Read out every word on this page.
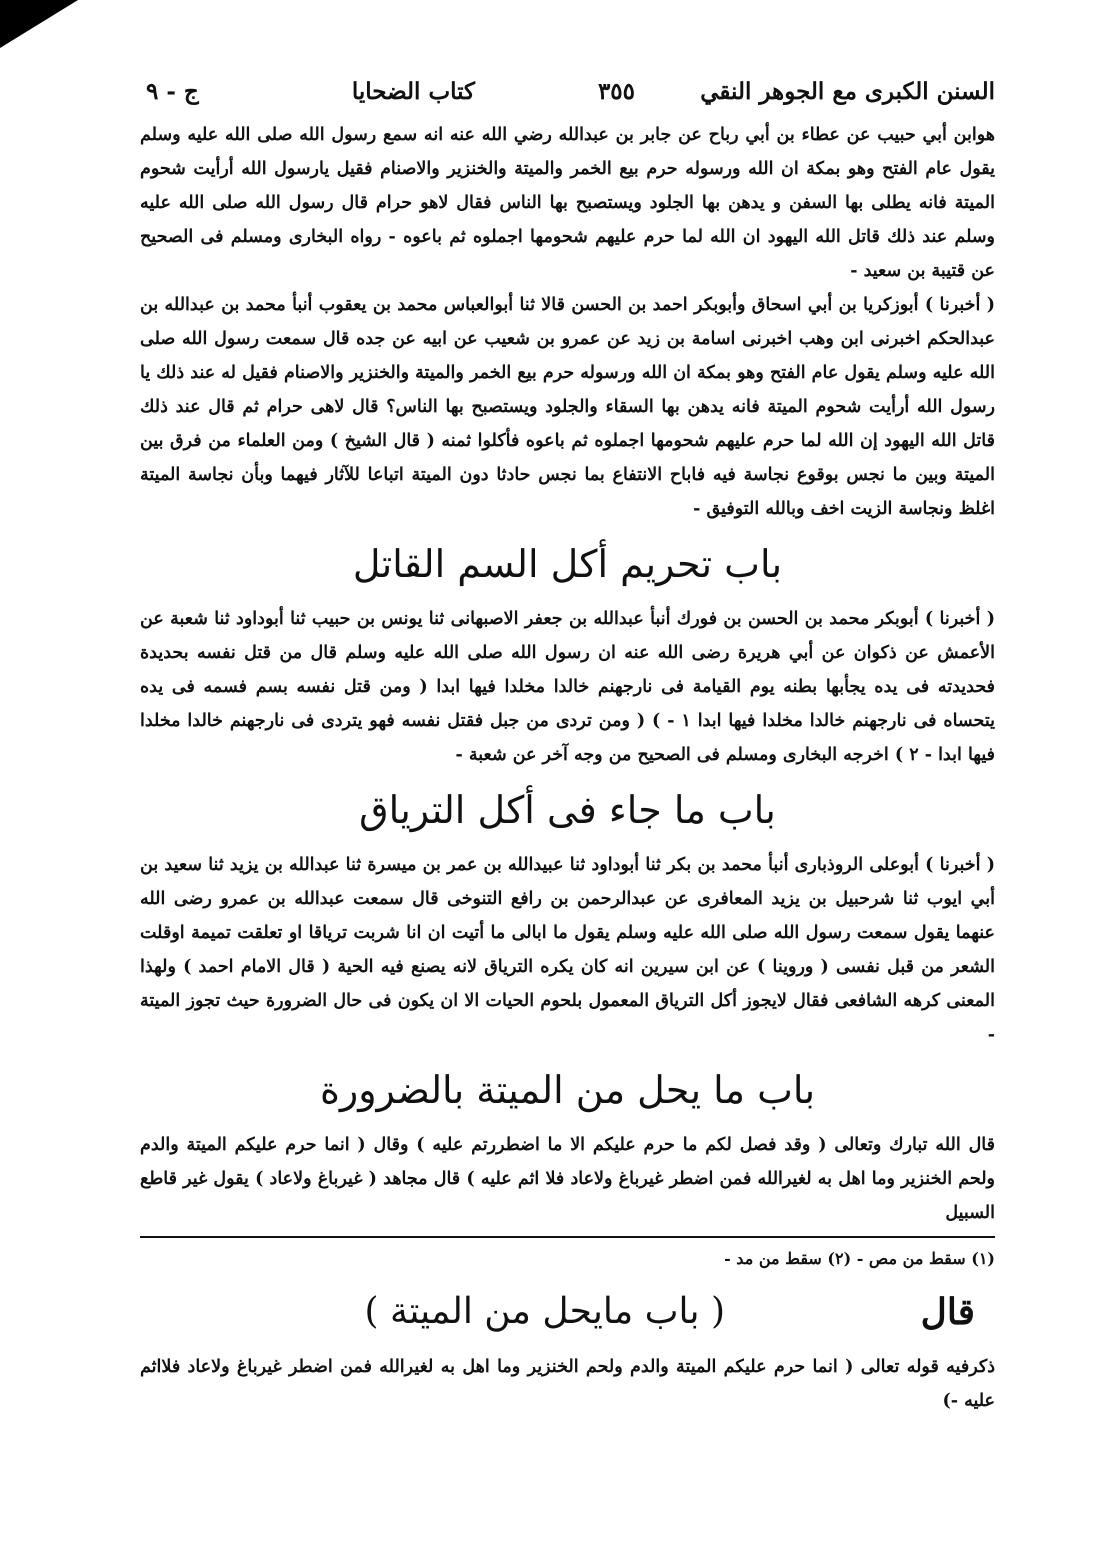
السنن الكبرى مع الجوهر النقي
٣٥٥
كتاب الضحايا
ج - ٩

هوابن أبي حبيب عن عطاء بن أبي رباح عن جابر بن عبدالله رضي الله عنه انه سمع رسول الله صلى الله عليه وسلم يقول عام الفتح وهو بمكة ان الله ورسوله حرم بيع الخمر والميتة والخنزير والاصنام فقيل يارسول الله أرأيت شحوم الميتة فانه يطلى بها السفن و يدهن بها الجلود ويستصبح بها الناس فقال لاهو حرام قال رسول الله صلى الله عليه وسلم عند ذلك قاتل الله اليهود ان الله لما حرم عليهم شحومها اجملوه ثم باعوه - رواه البخارى ومسلم فى الصحيح عن قتيبة بن سعيد -

( أخبرنا ) أبوزكريا بن أبي اسحاق وأبوبكر احمد بن الحسن قالا ثنا أبوالعباس محمد بن يعقوب أنبأ محمد بن عبدالله بن عبدالحكم اخبرنى ابن وهب اخبرنى اسامة بن زيد عن عمرو بن شعيب عن ابيه عن جده قال سمعت رسول الله صلى الله عليه وسلم يقول عام الفتح وهو بمكة ان الله ورسوله حرم بيع الخمر والميتة والخنزير والاصنام فقيل له عند ذلك يا رسول الله أرأيت شحوم الميتة فانه يدهن بها السقاء والجلود ويستصبح بها الناس؟ قال لاهى حرام ثم قال عند ذلك قاتل الله اليهود إن الله لما حرم عليهم شحومها اجملوه ثم باعوه فأكلوا ثمنه ( قال الشيخ ) ومن العلماء من فرق بين الميتة وبين ما نجس بوقوع نجاسة فيه فاباح الانتفاع بما نجس حادثا دون الميتة اتباعا للآثار فيهما وبأن نجاسة الميتة اغلظ ونجاسة الزيت اخف وبالله التوفيق -

باب تحريم أكل السم القاتل

( أخبرنا ) أبوبكر محمد بن الحسن بن فورك أنبأ عبدالله بن جعفر الاصبهانى ثنا يونس بن حبيب ثنا أبوداود ثنا شعبة عن الأعمش عن ذكوان عن أبي هريرة رضى الله عنه ان رسول الله صلى الله عليه وسلم قال من قتل نفسه بحديدة فحديدته فى يده يجأبها بطنه يوم القيامة فى نارجهنم خالدا مخلدا فيها ابدا ( ومن قتل نفسه بسم فسمه فى يده يتحساه فى نارجهنم خالدا مخلدا فيها ابدا ١ - ) ( ومن تردى من جبل فقتل نفسه فهو يتردى فى نارجهنم خالدا مخلدا فيها ابدا - ٢ ) اخرجه البخارى ومسلم فى الصحيح من وجه آخر عن شعبة -

باب ما جاء فى أكل الترياق

( أخبرنا ) أبوعلى الروذبارى أنبأ محمد بن بكر ثنا أبوداود ثنا عبيدالله بن عمر بن ميسرة ثنا عبدالله بن يزيد ثنا سعيد بن أبي ايوب ثنا شرحبيل بن يزيد المعافرى عن عبدالرحمن بن رافع التنوخى قال سمعت عبدالله بن عمرو رضى الله عنهما يقول سمعت رسول الله صلى الله عليه وسلم يقول ما ابالى ما أتيت ان انا شربت ترياقا او تعلقت تميمة اوقلت الشعر من قبل نفسى ( وروينا ) عن ابن سيرين انه كان يكره الترياق لانه يصنع فيه الحية ( قال الامام احمد ) ولهذا المعنى كرهه الشافعى فقال لايجوز أكل الترياق المعمول بلحوم الحيات الا ان يكون فى حال الضرورة حيث تجوز الميتة -

باب ما يحل من الميتة بالضرورة

قال الله تبارك وتعالى ( وقد فصل لكم ما حرم عليكم الا ما اضطررتم عليه ) وقال ( انما حرم عليكم الميتة والدم ولحم الخنزير وما اهل به لغيرالله فمن اضطر غيرباغ ولاعاد فلا اثم عليه ) قال مجاهد ( غيرباغ ولاعاد ) يقول غير قاطع السبيل

(١) سقط من مص - (٢) سقط من مد -

قال
( باب مايحل من الميتة )

ذكرفيه قوله تعالى ( انما حرم عليكم الميتة والدم ولحم الخنزير وما اهل به لغيرالله فمن اضطر غيرباغ ولاعاد فلااثم عليه -)
